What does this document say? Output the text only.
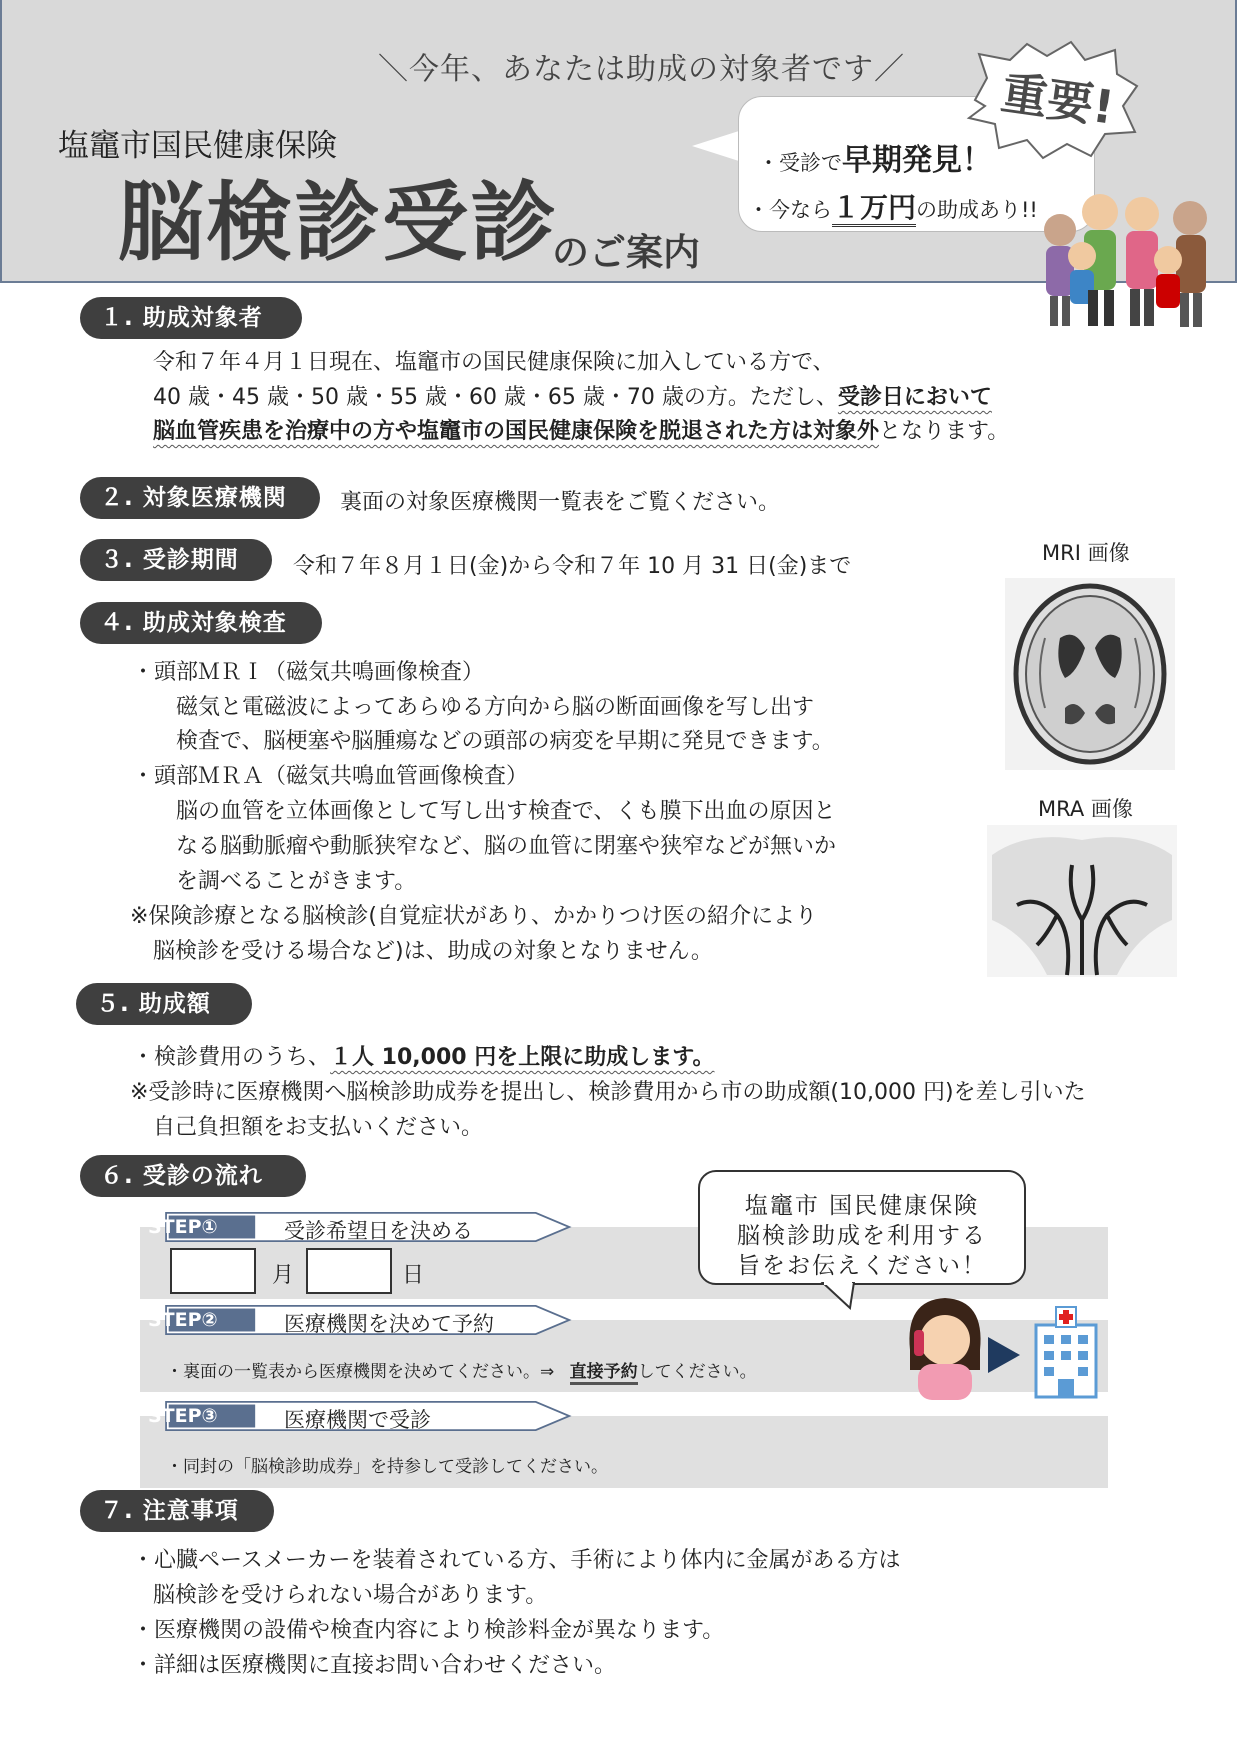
＼今年、あなたは助成の対象者です／
塩竈市国民健康保険
脳検診受診
のご案内
・受診で早期発見！
・今なら１万円の助成あり!!
重要!
１. 助成対象者
令和７年４月１日現在、塩竈市の国民健康保険に加入している方で、
40 歳・45 歳・50 歳・55 歳・60 歳・65 歳・70 歳の方。ただし、受診日において
脳血管疾患を治療中の方や塩竈市の国民健康保険を脱退された方は対象外となります。
２. 対象医療機関	裏面の対象医療機関一覧表をご覧ください。
３. 受診期間	令和７年８月１日(金)から令和７年 10 月 31 日(金)まで
４. 助成対象検査
・頭部ＭＲＩ（磁気共鳴画像検査）
磁気と電磁波によってあらゆる方向から脳の断面画像を写し出す
検査で、脳梗塞や脳腫瘍などの頭部の病変を早期に発見できます。
・頭部ＭＲＡ（磁気共鳴血管画像検査）
脳の血管を立体画像として写し出す検査で、くも膜下出血の原因と
なる脳動脈瘤や動脈狭窄など、脳の血管に閉塞や狭窄などが無いか
を調べることがきます。
※保険診療となる脳検診(自覚症状があり、かかりつけ医の紹介により
脳検診を受ける場合など)は、助成の対象となりません。
MRI 画像
MRA 画像
５. 助成額
・検診費用のうち、１人 10,000 円を上限に助成します。
※受診時に医療機関へ脳検診助成券を提出し、検診費用から市の助成額(10,000 円)を差し引いた
自己負担額をお支払いください。
６. 受診の流れ
STEP①	受診希望日を決める
月	日
STEP②	医療機関を決めて予約
・裏面の一覧表から医療機関を決めてください。⇒ 直接予約してください。
STEP③	医療機関で受診
・同封の「脳検診助成券」を持参して受診してください。
塩竈市 国民健康保険
脳検診助成を利用する
旨をお伝えください！
７. 注意事項
・心臓ペースメーカーを装着されている方、手術により体内に金属がある方は
脳検診を受けられない場合があります。
・医療機関の設備や検査内容により検診料金が異なります。
・詳細は医療機関に直接お問い合わせください。
